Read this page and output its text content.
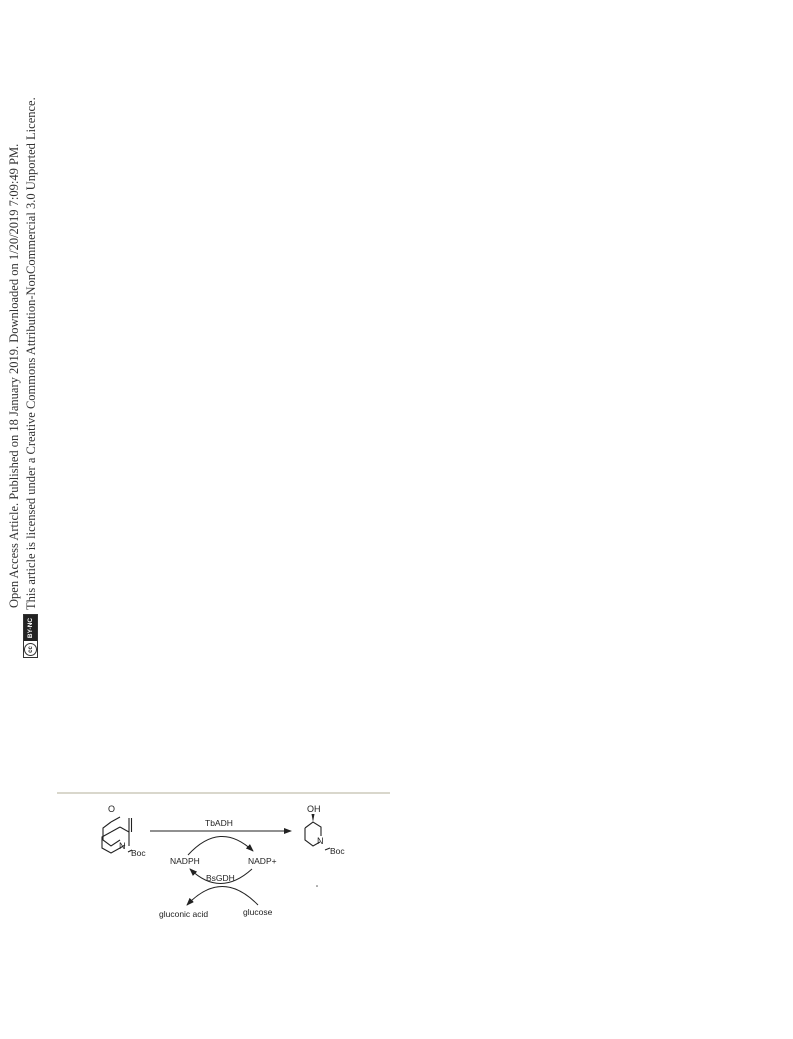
Open Access Article. Published on 18 January 2019. Downloaded on 1/20/2019 7:09:49 PM.
cc
BY-NC
This article is licensed under a Creative Commons Attribution-NonCommercial 3.0 Unported Licence.
O
N
Boc
TbADH
NADPH	NADP+
BsGDH
gluconic acid	glucose
OH
N
Boc
